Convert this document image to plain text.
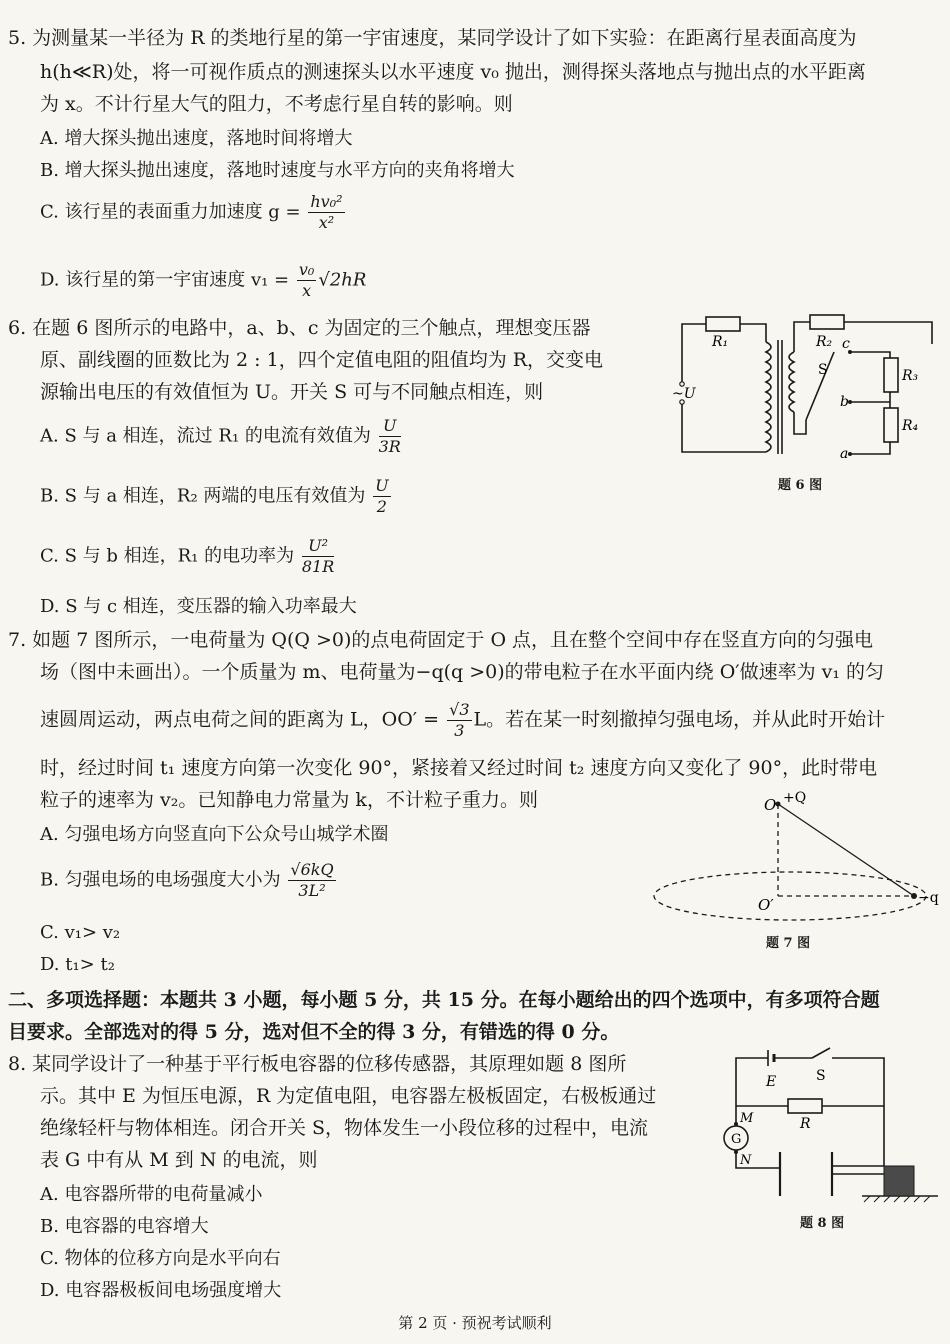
5. 为测量某一半径为 R 的类地行星的第一宇宙速度，某同学设计了如下实验：在距离行星表面高度为
h(h≪R)处，将一可视作质点的测速探头以水平速度 v₀ 抛出，测得探头落地点与抛出点的水平距离
为 x。不计行星大气的阻力，不考虑行星自转的影响。则
A. 增大探头抛出速度，落地时间将增大
B. 增大探头抛出速度，落地时速度与水平方向的夹角将增大
C. 该行星的表面重力加速度 $g = \frac{\text{hv₀²}}{\text{x²}}$
D. 该行星的第一宇宙速度 $v_1 = \frac{\text{v₀}}{x} √2hR$
6. 在题 6 图所示的电路中，a、b、c 为固定的三个触点，理想变压器
原、副线圈的匝数比为 2 : 1，四个定值电阻的阻值均为 R，交变电
源输出电压的有效值恒为 U。开关 S 可与不同触点相连，则
A. S 与 a 相连，流过 R₁ 的电流有效值为 $\frac{U}{3R}$
B. S 与 a 相连，R₂ 两端的电压有效值为 $\frac{U}{2}$
C. S 与 b 相连，R₁ 的电功率为 $\frac{\text{U²}}{81R}$
D. S 与 c 相连，变压器的输入功率最大
R₁	R₂
R₃
R₄
S
~U
c
b
a
题 6 图
7. 如题 7 图所示，一电荷量为 Q(Q >0)的点电荷固定于 O 点，且在整个空间中存在竖直方向的匀强电
场（图中未画出）。一个质量为 m、电荷量为−q(q >0)的带电粒子在水平面内绕 O′做速率为 v₁ 的匀
速圆周运动，两点电荷之间的距离为 L，$OO' = \frac{√3}{3}$ L。若在某一时刻撤掉匀强电场，并从此时开始计
时，经过时间 t₁ 速度方向第一次变化 90°，紧接着又经过时间 t₂ 速度方向又变化了 90°，此时带电
粒子的速率为 v₂。已知静电力常量为 k，不计粒子重力。则
A. 匀强电场方向竖直向下公众号山城学术圈
B. 匀强电场的电场强度大小为 $\frac{√6kQ}{\text{3L²}}$
C. v₁> v₂
D. t₁> t₂
O +Q
O′	−q
题 7 图
二、多项选择题：本题共 3 小题，每小题 5 分，共 15 分。在每小题给出的四个选项中，有多项符合题
目要求。全部选对的得 5 分，选对但不全的得 3 分，有错选的得 0 分。
8. 某同学设计了一种基于平行板电容器的位移传感器，其原理如题 8 图所
示。其中 E 为恒压电源，R 为定值电阻，电容器左极板固定，右极板通过
绝缘轻杆与物体相连。闭合开关 S，物体发生一小段位移的过程中，电流
表 G 中有从 M 到 N 的电流，则
A. 电容器所带的电荷量减小
B. 电容器的电容增大
C. 物体的位移方向是水平向右
D. 电容器极板间电场强度增大
E	S
R
M
N
G
题 8 图
第 2 页 · 预祝考试顺利
